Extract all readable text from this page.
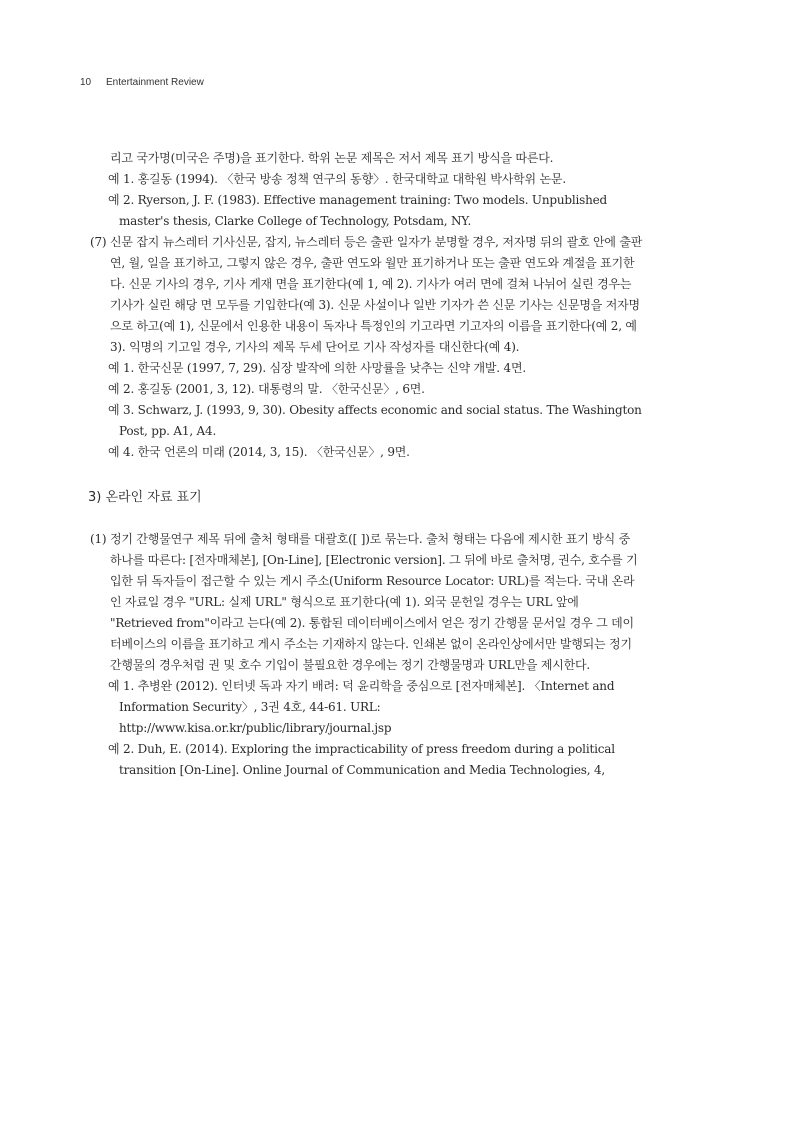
10 Entertainment Review

리고 국가명(미국은 주명)을 표기한다. 학위 논문 제목은 저서 제목 표기 방식을 따른다.

예 1. 홍길동 (1994). 〈한국 방송 정책 연구의 동향〉. 한국대학교 대학원 박사학위 논문.

예 2. Ryerson, J. F. (1983). Effective management training: Two models. Unpublished master's thesis, Clarke College of Technology, Potsdam, NY.

(7) 신문 잡지 뉴스레터 기사신문, 잡지, 뉴스레터 등은 출판 일자가 분명할 경우, 저자명 뒤의 괄호 안에 출판 연, 월, 일을 표기하고, 그렇지 않은 경우, 출판 연도와 월만 표기하거나 또는 출판 연도와 계절을 표기한다. 신문 기사의 경우, 기사 게재 면을 표기한다(예 1, 예 2). 기사가 여러 면에 걸쳐 나뉘어 실린 경우는 기사가 실린 해당 면 모두를 기입한다(예 3). 신문 사설이나 일반 기자가 쓴 신문 기사는 신문명을 저자명으로 하고(예 1), 신문에서 인용한 내용이 독자나 특정인의 기고라면 기고자의 이름을 표기한다(예 2, 예 3). 익명의 기고일 경우, 기사의 제목 두세 단어로 기사 작성자를 대신한다(예 4).

예 1. 한국신문 (1997, 7, 29). 심장 발작에 의한 사망률을 낮추는 신약 개발. 4면.

예 2. 홍길동 (2001, 3, 12). 대통령의 말. 〈한국신문〉, 6면.

예 3. Schwarz, J. (1993, 9, 30). Obesity affects economic and social status. The Washington Post, pp. A1, A4.

예 4. 한국 언론의 미래 (2014, 3, 15). 〈한국신문〉, 9면.

3) 온라인 자료 표기

(1) 정기 간행물연구 제목 뒤에 출처 형태를 대괄호([ ])로 묶는다. 출처 형태는 다음에 제시한 표기 방식 중 하나를 따른다: [전자매체본], [On-Line], [Electronic version]. 그 뒤에 바로 출처명, 권수, 호수를 기입한 뒤 독자들이 접근할 수 있는 게시 주소(Uniform Resource Locator: URL)를 적는다. 국내 온라인 자료일 경우 "URL: 실제 URL" 형식으로 표기한다(예 1). 외국 문헌일 경우는 URL 앞에 "Retrieved from"이라고 는다(예 2). 통합된 데이터베이스에서 얻은 정기 간행물 문서일 경우 그 데이터베이스의 이름을 표기하고 게시 주소는 기재하지 않는다. 인쇄본 없이 온라인상에서만 발행되는 정기 간행물의 경우처럼 권 및 호수 기입이 불필요한 경우에는 정기 간행물명과 URL만을 제시한다.

예 1. 추병완 (2012). 인터넷 독과 자기 배려: 덕 윤리학을 중심으로 [전자매체본]. 〈Internet and Information Security〉, 3권 4호, 44-61. URL: http://www.kisa.or.kr/public/library/journal.jsp

예 2. Duh, E. (2014). Exploring the impracticability of press freedom during a political transition [On-Line]. Online Journal of Communication and Media Technologies, 4,
